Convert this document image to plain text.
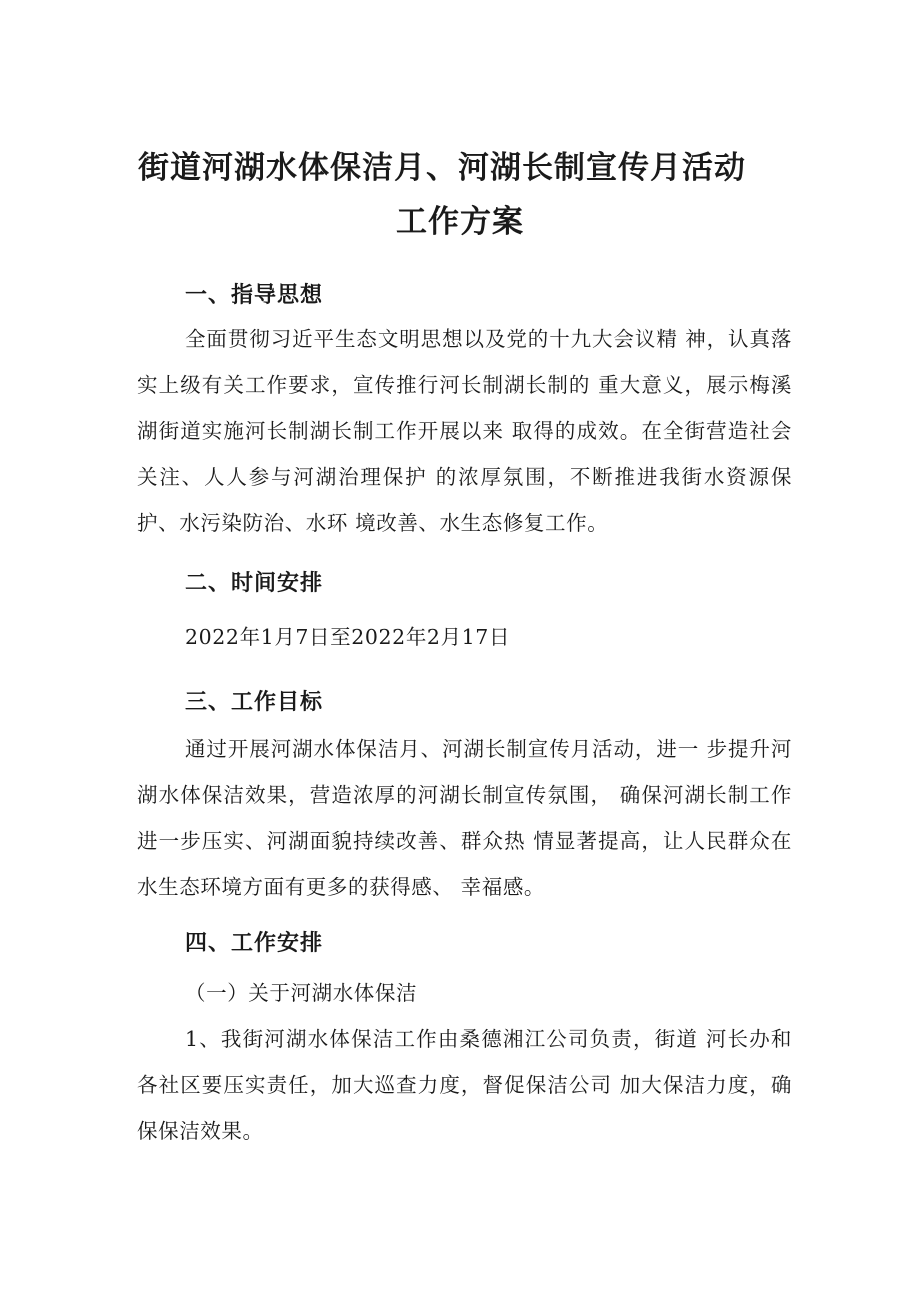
街道河湖水体保洁月、河湖长制宣传月活动
工作方案
一、指导思想

全面贯彻习近平生态文明思想以及党的十九大会议精 神，认真落实上级有关工作要求，宣传推行河长制湖长制的 重大意义，展示梅溪湖街道实施河长制湖长制工作开展以来 取得的成效。在全街营造社会关注、人人参与河湖治理保护 的浓厚氛围，不断推进我街水资源保护、水污染防治、水环 境改善、水生态修复工作。

二、时间安排

2022年1月7日至2022年2月17日

三、工作目标

通过开展河湖水体保洁月、河湖长制宣传月活动，进一 步提升河湖水体保洁效果，营造浓厚的河湖长制宣传氛围， 确保河湖长制工作进一步压实、河湖面貌持续改善、群众热 情显著提高，让人民群众在水生态环境方面有更多的获得感、 幸福感。

四、工作安排

（一）关于河湖水体保洁

1、我街河湖水体保洁工作由桑德湘江公司负责，街道 河长办和各社区要压实责任，加大巡查力度，督促保洁公司 加大保洁力度，确保保洁效果。
